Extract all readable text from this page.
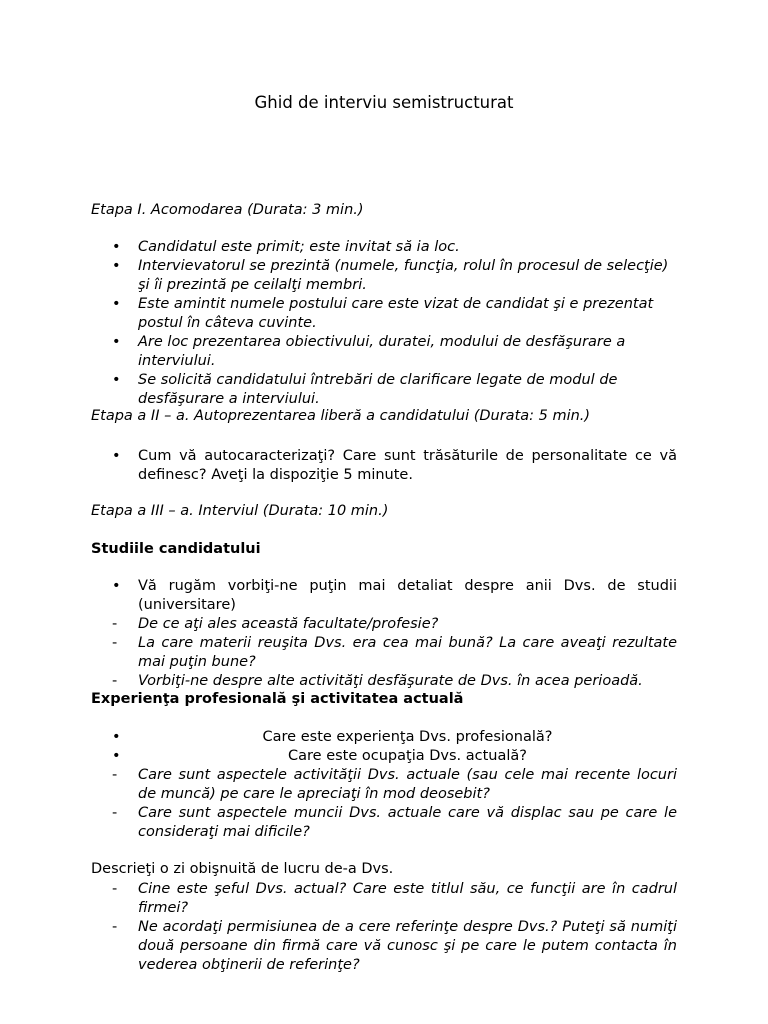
Ghid de interviu semistructurat
Etapa I. Acomodarea (Durata: 3 min.)
• Candidatul este primit; este invitat să ia loc.
• Intervievatorul se prezintă (numele, funcţia, rolul în procesul de selecţie) şi îi prezintă pe ceilalţi membri.
• Este amintit numele postului care este vizat de candidat şi e prezentat postul în câteva cuvinte.
• Are loc prezentarea obiectivului, duratei, modului de desfăşurare a interviului.
• Se solicită candidatului întrebări de clarificare legate de modul de desfăşurare a interviului.
Etapa a II – a. Autoprezentarea liberă a candidatului (Durata: 5 min.)
• Cum vă autocaracterizaţi? Care sunt trăsăturile de personalitate ce vă definesc? Aveţi la dispoziţie 5 minute.
Etapa a III – a. Interviul (Durata: 10 min.)
Studiile candidatului
• Vă rugăm vorbiţi-ne puţin mai detaliat despre anii Dvs. de studii (universitare)
- De ce aţi ales această facultate/profesie?
- La care materii reuşita Dvs. era cea mai bună? La care aveaţi rezultate mai puţin bune?
- Vorbiţi-ne despre alte activităţi desfăşurate de Dvs. în acea perioadă.
Experienţa profesională şi activitatea actuală
•	Care este experienţa Dvs. profesională?
•	Care este ocupaţia Dvs. actuală?
- Care sunt aspectele activităţii Dvs. actuale (sau cele mai recente locuri de muncă) pe care le apreciaţi în mod deosebit?
- Care sunt aspectele muncii Dvs. actuale care vă displac sau pe care le consideraţi mai dificile?
Descrieţi o zi obişnuită de lucru de-a Dvs.
- Cine este şeful Dvs. actual? Care este titlul său, ce funcţii are în cadrul firmei?
- Ne acordaţi permisiunea de a cere referinţe despre Dvs.? Puteţi să numiţi două persoane din firmă care vă cunosc şi pe care le putem contacta în vederea obţinerii de referinţe?
